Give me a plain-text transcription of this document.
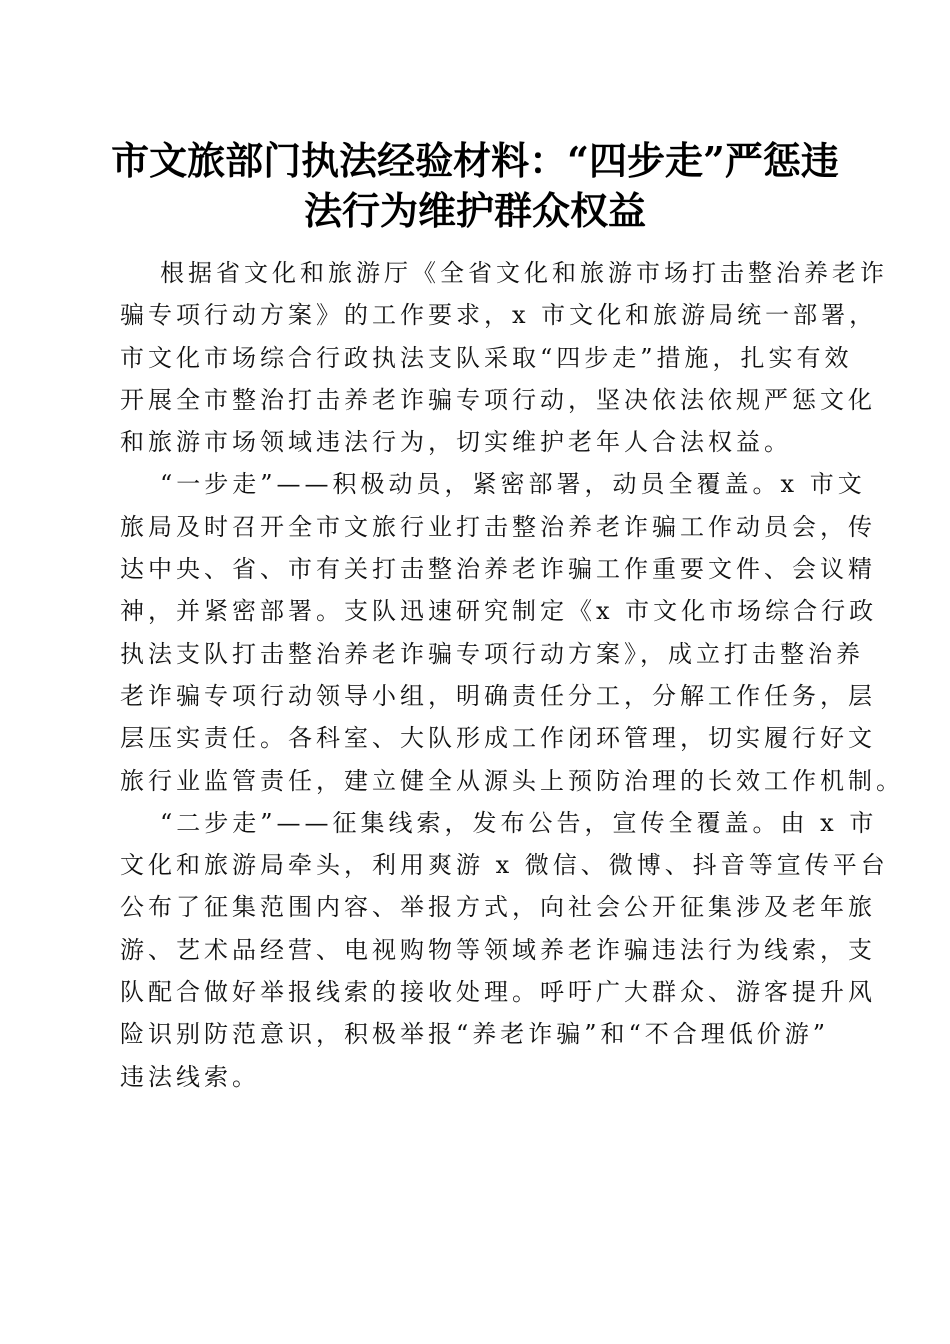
市文旅部门执法经验材料：“四步走”严惩违
法行为维护群众权益
根据省文化和旅游厅《全省文化和旅游市场打击整治养老诈
骗专项行动方案》的工作要求，x 市文化和旅游局统一部署，
市文化市场综合行政执法支队采取“四步走”措施，扎实有效
开展全市整治打击养老诈骗专项行动，坚决依法依规严惩文化
和旅游市场领域违法行为，切实维护老年人合法权益。
“一步走”——积极动员，紧密部署，动员全覆盖。x 市文
旅局及时召开全市文旅行业打击整治养老诈骗工作动员会，传
达中央、省、市有关打击整治养老诈骗工作重要文件、会议精
神，并紧密部署。支队迅速研究制定《x 市文化市场综合行政
执法支队打击整治养老诈骗专项行动方案》，成立打击整治养
老诈骗专项行动领导小组，明确责任分工，分解工作任务，层
层压实责任。各科室、大队形成工作闭环管理，切实履行好文
旅行业监管责任，建立健全从源头上预防治理的长效工作机制。
“二步走”——征集线索，发布公告，宣传全覆盖。由 x 市
文化和旅游局牵头，利用爽游 x 微信、微博、抖音等宣传平台
公布了征集范围内容、举报方式，向社会公开征集涉及老年旅
游、艺术品经营、电视购物等领域养老诈骗违法行为线索，支
队配合做好举报线索的接收处理。呼吁广大群众、游客提升风
险识别防范意识，积极举报“养老诈骗”和“不合理低价游”
违法线索。
